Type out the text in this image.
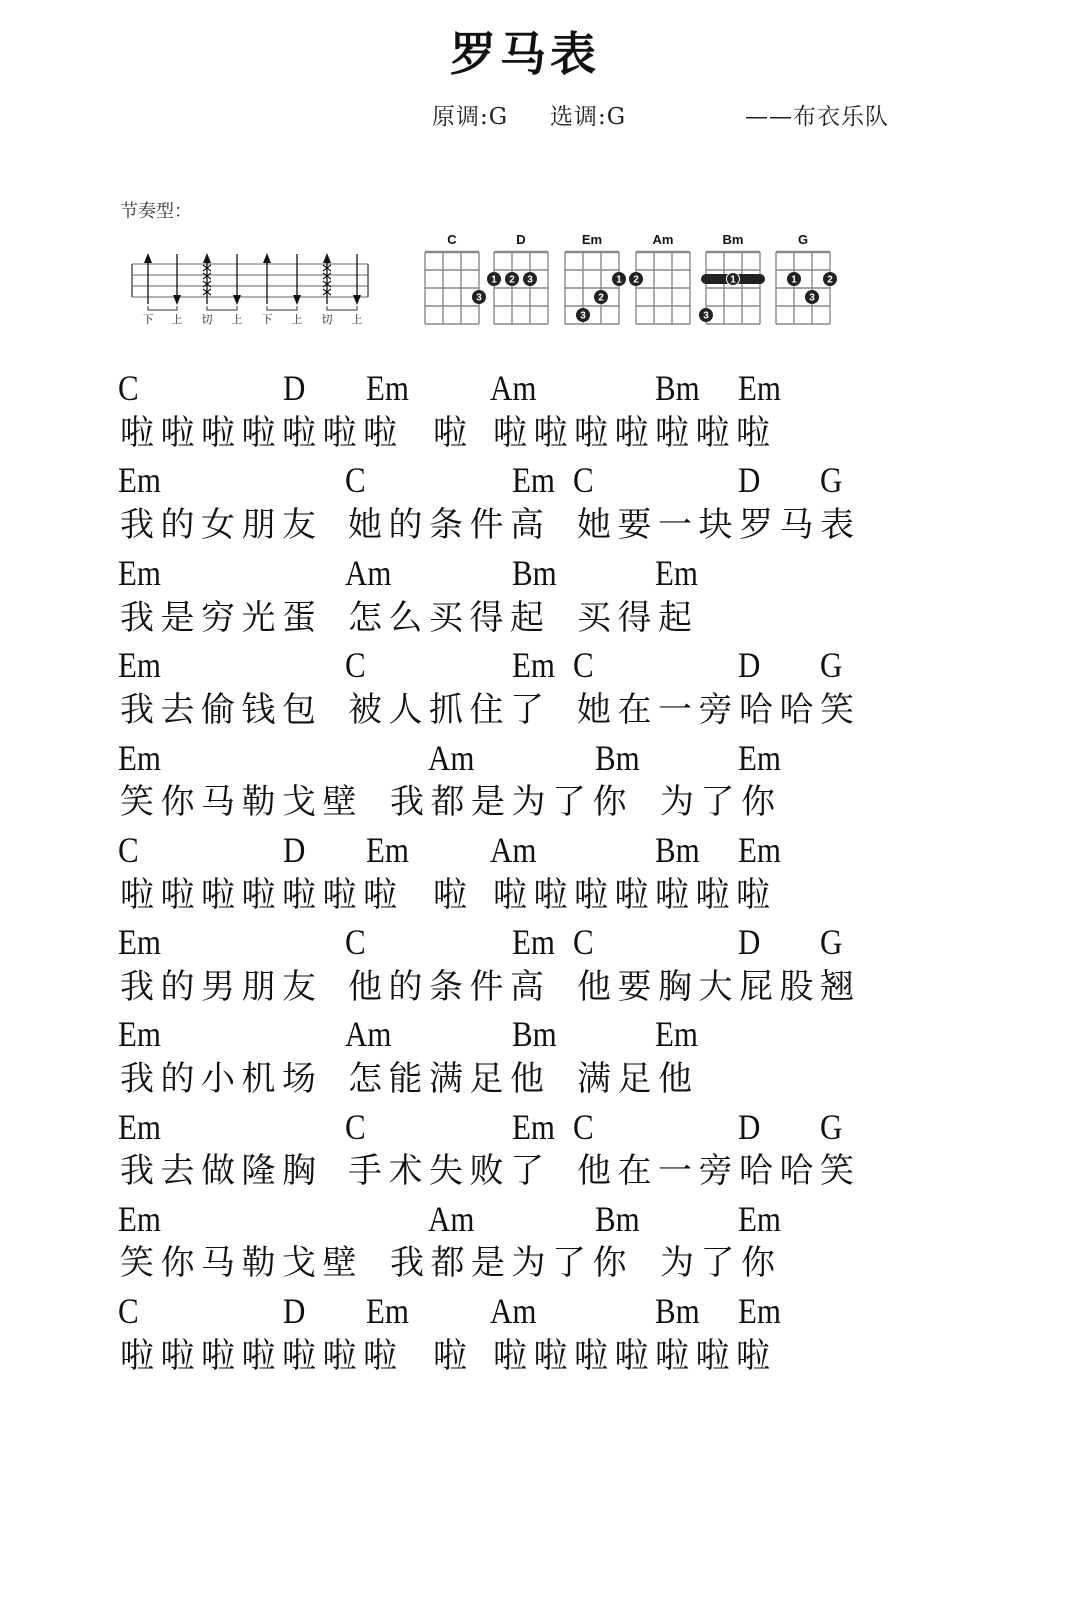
罗马表
原调:G 选调:G	——布衣乐队
节奏型：
下 上 切 上 下 上 切 上
C
3
D
1 2 3
Em
3
2
1
Am
2
Bm
1
3
G
1
3
2
C	D Em Am	Bm Em
啦啦啦啦啦啦啦 啦 啦啦啦啦啦啦啦
Em	C	Em C	D G
我的女朋友 她的条件高 她要一块罗马表
Em	Am	Bm	Em
我是穷光蛋 怎么买得起 买得起
Em	C	Em C	D G
我去偷钱包 被人抓住了 她在一旁哈哈笑
Em	Am	Bm	Em
笑你马勒戈壁 我都是为了你 为了你
C	D Em Am	Bm Em
啦啦啦啦啦啦啦 啦 啦啦啦啦啦啦啦
Em	C	Em C	D G
我的男朋友 他的条件高 他要胸大屁股翘
Em	Am	Bm	Em
我的小机场 怎能满足他 满足他
Em	C	Em C	D G
我去做隆胸 手术失败了 他在一旁哈哈笑
Em	Am	Bm	Em
笑你马勒戈壁 我都是为了你 为了你
C	D Em Am	Bm Em
啦啦啦啦啦啦啦 啦 啦啦啦啦啦啦啦
